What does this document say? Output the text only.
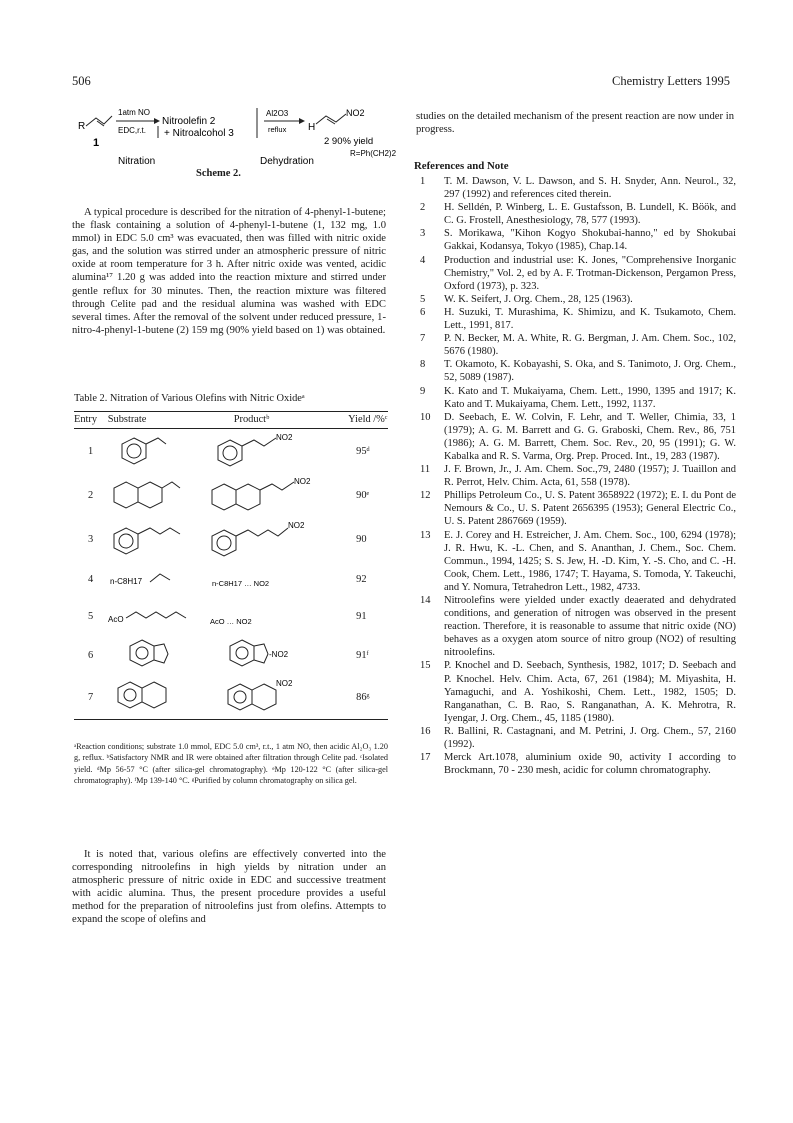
506	Chemistry Letters 1995
R
1
1atm NO
EDC,r.t.
Nitroolefin 2
+ Nitroalcohol 3
Al2O3
reflux H
NO2
2 90% yield
R=Ph(CH2)2
Nitration	Dehydration
Scheme 2.

A typical procedure is described for the nitration of 4-phenyl-1-butene; the flask containing a solution of 4-phenyl-1-butene (1, 132 mg, 1.0 mmol) in EDC 5.0 cm³ was evacuated, then was filled with nitric oxide gas, and the solution was stirred under an atmospheric pressure of nitric oxide at room temperature for 3 h. After nitric oxide was vented, acidic alumina¹⁷ 1.20 g was added into the reaction mixture and stirred under gentle reflux for 30 minutes. Then, the reaction mixture was filtered through Celite pad and the residual alumina was washed with EDC several times. After the removal of the solvent under reduced pressure, 1-nitro-4-phenyl-1-butene (2) 159 mg (90% yield based on 1) was obtained.

Table 2. Nitration of Various Olefins with Nitric Oxideᵃ
Entry	Substrate	Productᵇ	Yield /%ᶜ
1		NO2	95ᵈ
2		NO2	90ᵉ
3		NO2	90
4	n-C8H17	n-C8H17 … NO2	92
5	AcO	AcO … NO2	91
6		-NO2	91ᶠ
7		NO2	86ᵍ
ᵃReaction conditions; substrate 1.0 mmol, EDC 5.0 cm³, r.t., 1 atm NO, then acidic Al₂O₃ 1.20 g, reflux. ᵇSatisfactory NMR and IR were obtained after filtration through Celite pad. ᶜIsolated yield. ᵈMp 56-57 °C (after silica-gel chromatography). ᵉMp 120-122 °C (after silica-gel chromatography). ᶠMp 139-140 °C. ᵍPurified by column chromatography on silica gel.

It is noted that, various olefins are effectively converted into the corresponding nitroolefins in high yields by nitration under an atmospheric pressure of nitric oxide in EDC and successive treatment with acidic alumina. Thus, the present procedure provides a useful method for the preparation of nitroolefins just from olefins. Attempts to expand the scope of olefins and

studies on the detailed mechanism of the present reaction are now under in progress.

References and Note
1	T. M. Dawson, V. L. Dawson, and S. H. Snyder, Ann. Neurol., 32, 297 (1992) and references cited therein.
2	H. Selldén, P. Winberg, L. E. Gustafsson, B. Lundell, K. Böök, and C. G. Frostell, Anesthesiology, 78, 577 (1993).
3	S. Morikawa, "Kihon Kogyo Shokubai-hanno," ed by Shokubai Gakkai, Kodansya, Tokyo (1985), Chap.14.
4	Production and industrial use: K. Jones, "Comprehensive Inorganic Chemistry," Vol. 2, ed by A. F. Trotman-Dickenson, Pergamon Press, Oxford (1973), p. 323.
5	W. K. Seifert, J. Org. Chem., 28, 125 (1963).
6	H. Suzuki, T. Murashima, K. Shimizu, and K. Tsukamoto, Chem. Lett., 1991, 817.
7	P. N. Becker, M. A. White, R. G. Bergman, J. Am. Chem. Soc., 102, 5676 (1980).
8	T. Okamoto, K. Kobayashi, S. Oka, and S. Tanimoto, J. Org. Chem., 52, 5089 (1987).
9	K. Kato and T. Mukaiyama, Chem. Lett., 1990, 1395 and 1917; K. Kato and T. Mukaiyama, Chem. Lett., 1992, 1137.
10	D. Seebach, E. W. Colvin, F. Lehr, and T. Weller, Chimia, 33, 1 (1979); A. G. M. Barrett and G. G. Graboski, Chem. Rev., 86, 751 (1986); A. G. M. Barrett, Chem. Soc. Rev., 20, 95 (1991); G. W. Kabalka and R. S. Varma, Org. Prep. Proced. Int., 19, 283 (1987).
11	J. F. Brown, Jr., J. Am. Chem. Soc.,79, 2480 (1957); J. Tuaillon and R. Perrot, Helv. Chim. Acta, 61, 558 (1978).
12	Phillips Petroleum Co., U. S. Patent 3658922 (1972); E. I. du Pont de Nemours & Co., U. S. Patent 2656395 (1953); General Electric Co., U. S. Patent 2867669 (1959).
13	E. J. Corey and H. Estreicher, J. Am. Chem. Soc., 100, 6294 (1978); J. R. Hwu, K. -L. Chen, and S. Ananthan, J. Chem., Soc. Chem. Commun., 1994, 1425; S. S. Jew, H. -D. Kim, Y. -S. Cho, and C. -H. Cook, Chem. Lett., 1986, 1747; T. Hayama, S. Tomoda, Y. Takeuchi, and Y. Nomura, Tetrahedron Lett., 1982, 4733.
14	Nitroolefins were yielded under exactly deaerated and dehydrated conditions, and generation of nitrogen was observed in the present reaction. Therefore, it is reasonable to assume that nitric oxide (NO) behaves as a oxygen atom source of nitro group (NO2) of resulting nitroolefins.
15	P. Knochel and D. Seebach, Synthesis, 1982, 1017; D. Seebach and P. Knochel. Helv. Chim. Acta, 67, 261 (1984); M. Miyashita, H. Yamaguchi, and A. Yoshikoshi, Chem. Lett., 1982, 1505; D. Ranganathan, C. B. Rao, S. Ranganathan, A. K. Mehrotra, R. Iyengar, J. Org. Chem., 45, 1185 (1980).
16	R. Ballini, R. Castagnani, and M. Petrini, J. Org. Chem., 57, 2160 (1992).
17	Merck Art.1078, aluminium oxide 90, activity I according to Brockmann, 70 - 230 mesh, acidic for column chromatography.
